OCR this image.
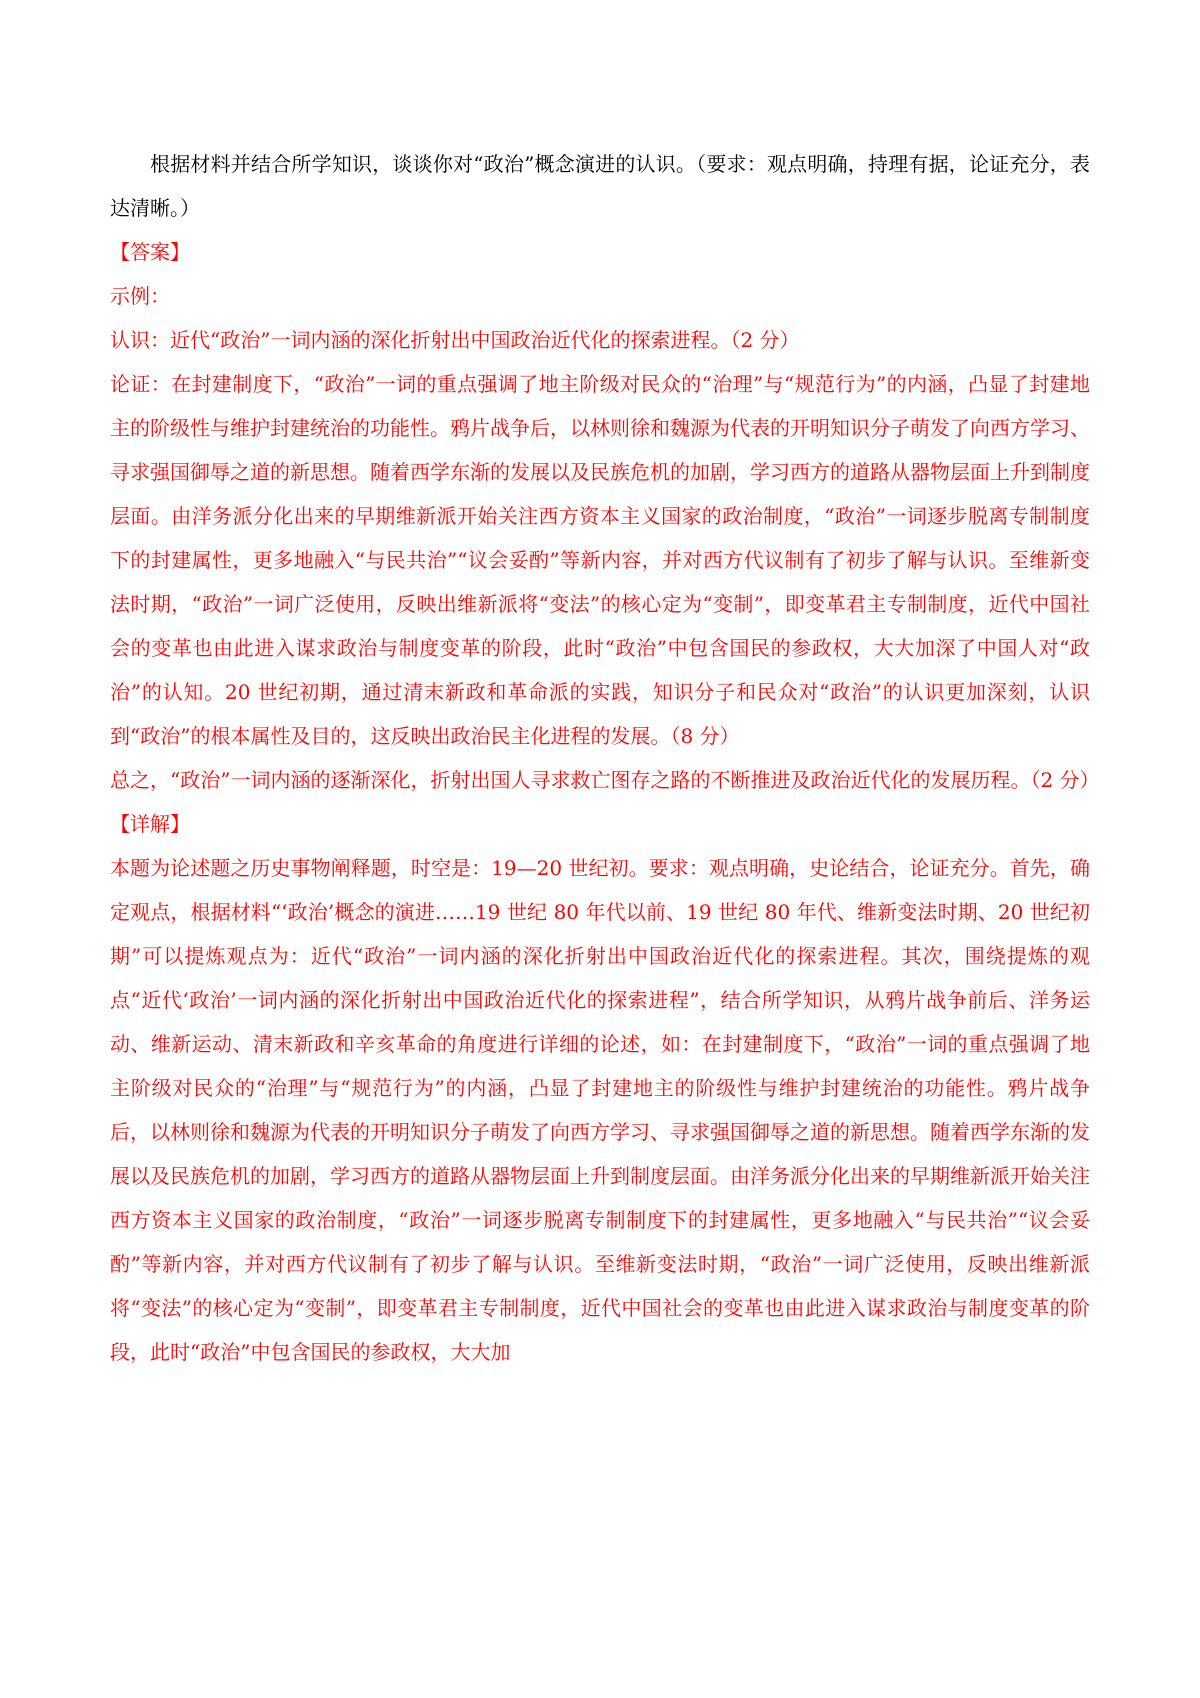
根据材料并结合所学知识，谈谈你对“政治”概念演进的认识。（要求：观点明确，持理有据，论证充分，表达清晰。）

【答案】

示例：

认识：近代“政治”一词内涵的深化折射出中国政治近代化的探索进程。（2 分）

论证：在封建制度下，“政治”一词的重点强调了地主阶级对民众的“治理”与“规范行为”的内涵，凸显了封建地主的阶级性与维护封建统治的功能性。鸦片战争后，以林则徐和魏源为代表的开明知识分子萌发了向西方学习、寻求强国御辱之道的新思想。随着西学东渐的发展以及民族危机的加剧，学习西方的道路从器物层面上升到制度层面。由洋务派分化出来的早期维新派开始关注西方资本主义国家的政治制度，“政治”一词逐步脱离专制制度下的封建属性，更多地融入“与民共治”“议会妥酌”等新内容，并对西方代议制有了初步了解与认识。至维新变法时期，“政治”一词广泛使用，反映出维新派将“变法”的核心定为“变制”，即变革君主专制制度，近代中国社会的变革也由此进入谋求政治与制度变革的阶段，此时“政治”中包含国民的参政权，大大加深了中国人对“政治”的认知。20 世纪初期，通过清末新政和革命派的实践，知识分子和民众对“政治”的认识更加深刻，认识到“政治”的根本属性及目的，这反映出政治民主化进程的发展。（8 分）

总之，“政治”一词内涵的逐渐深化，折射出国人寻求救亡图存之路的不断推进及政治近代化的发展历程。（2 分）

【详解】

本题为论述题之历史事物阐释题，时空是：19—20 世纪初。要求：观点明确，史论结合，论证充分。首先，确定观点，根据材料“‘政治’概念的演进……19 世纪 80 年代以前、19 世纪 80 年代、维新变法时期、20 世纪初期”可以提炼观点为：近代“政治”一词内涵的深化折射出中国政治近代化的探索进程。其次，围绕提炼的观点“近代‘政治’一词内涵的深化折射出中国政治近代化的探索进程”，结合所学知识，从鸦片战争前后、洋务运动、维新运动、清末新政和辛亥革命的角度进行详细的论述，如：在封建制度下，“政治”一词的重点强调了地主阶级对民众的“治理”与“规范行为”的内涵，凸显了封建地主的阶级性与维护封建统治的功能性。鸦片战争后，以林则徐和魏源为代表的开明知识分子萌发了向西方学习、寻求强国御辱之道的新思想。随着西学东渐的发展以及民族危机的加剧，学习西方的道路从器物层面上升到制度层面。由洋务派分化出来的早期维新派开始关注西方资本主义国家的政治制度，“政治”一词逐步脱离专制制度下的封建属性，更多地融入“与民共治”“议会妥酌”等新内容，并对西方代议制有了初步了解与认识。至维新变法时期，“政治”一词广泛使用，反映出维新派将“变法”的核心定为“变制”，即变革君主专制制度，近代中国社会的变革也由此进入谋求政治与制度变革的阶段，此时“政治”中包含国民的参政权，大大加
